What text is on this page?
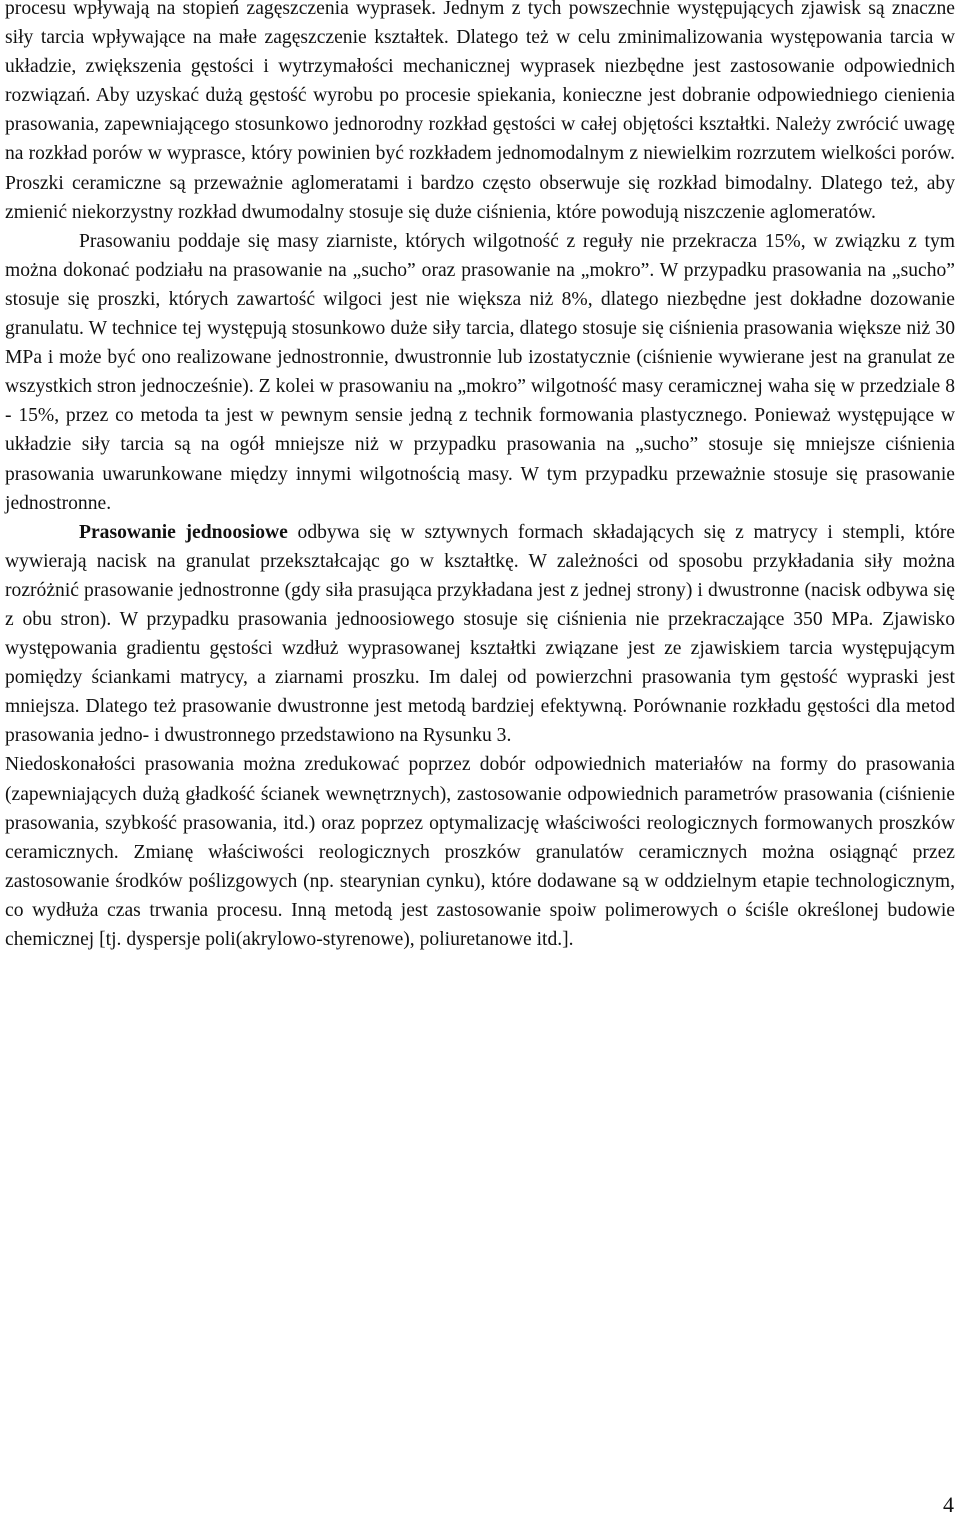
procesu wpływają na stopień zagęszczenia wyprasek. Jednym z tych powszechnie występujących zjawisk są znaczne siły tarcia wpływające na małe zagęszczenie kształtek. Dlatego też w celu zminimalizowania występowania tarcia w układzie, zwiększenia gęstości i wytrzymałości mechanicznej wyprasek niezbędne jest zastosowanie odpowiednich rozwiązań. Aby uzyskać dużą gęstość wyrobu po procesie spiekania, konieczne jest dobranie odpowiedniego cienienia prasowania, zapewniającego stosunkowo jednorodny rozkład gęstości w całej objętości kształtki. Należy zwrócić uwagę na rozkład porów w wyprasce, który powinien być rozkładem jednomodalnym z niewielkim rozrzutem wielkości porów. Proszki ceramiczne są przeważnie aglomeratami i bardzo często obserwuje się rozkład bimodalny. Dlatego też, aby zmienić niekorzystny rozkład dwumodalny stosuje się duże ciśnienia, które powodują niszczenie aglomeratów.

Prasowaniu poddaje się masy ziarniste, których wilgotność z reguły nie przekracza 15%, w związku z tym można dokonać podziału na prasowanie na „sucho” oraz prasowanie na „mokro”. W przypadku prasowania na „sucho” stosuje się proszki, których zawartość wilgoci jest nie większa niż 8%, dlatego niezbędne jest dokładne dozowanie granulatu. W technice tej występują stosunkowo duże siły tarcia, dlatego stosuje się ciśnienia prasowania większe niż 30 MPa i może być ono realizowane jednostronnie, dwustronnie lub izostatycznie (ciśnienie wywierane jest na granulat ze wszystkich stron jednocześnie). Z kolei w prasowaniu na „mokro” wilgotność masy ceramicznej waha się w przedziale 8 - 15%, przez co metoda ta jest w pewnym sensie jedną z technik formowania plastycznego. Ponieważ występujące w układzie siły tarcia są na ogół mniejsze niż w przypadku prasowania na „sucho” stosuje się mniejsze ciśnienia prasowania uwarunkowane między innymi wilgotnością masy. W tym przypadku przeważnie stosuje się prasowanie jednostronne.

Prasowanie jednoosiowe odbywa się w sztywnych formach składających się z matrycy i stempli, które wywierają nacisk na granulat przekształcając go w kształtkę. W zależności od sposobu przykładania siły można rozróżnić prasowanie jednostronne (gdy siła prasująca przykładana jest z jednej strony) i dwustronne (nacisk odbywa się z obu stron). W przypadku prasowania jednoosiowego stosuje się ciśnienia nie przekraczające 350 MPa. Zjawisko występowania gradientu gęstości wzdłuż wyprasowanej kształtki związane jest ze zjawiskiem tarcia występującym pomiędzy ściankami matrycy, a ziarnami proszku. Im dalej od powierzchni prasowania tym gęstość wypraski jest mniejsza. Dlatego też prasowanie dwustronne jest metodą bardziej efektywną. Porównanie rozkładu gęstości dla metod prasowania jedno- i dwustronnego przedstawiono na Rysunku 3.

Niedoskonałości prasowania można zredukować poprzez dobór odpowiednich materiałów na formy do prasowania (zapewniających dużą gładkość ścianek wewnętrznych), zastosowanie odpowiednich parametrów prasowania (ciśnienie prasowania, szybkość prasowania, itd.) oraz poprzez optymalizację właściwości reologicznych formowanych proszków ceramicznych. Zmianę właściwości reologicznych proszków granulatów ceramicznych można osiągnąć przez zastosowanie środków poślizgowych (np. stearynian cynku), które dodawane są w oddzielnym etapie technologicznym, co wydłuża czas trwania procesu. Inną metodą jest zastosowanie spoiw polimerowych o ściśle określonej budowie chemicznej [tj. dyspersje poli(akrylowo-styrenowe), poliuretanowe itd.].

4
